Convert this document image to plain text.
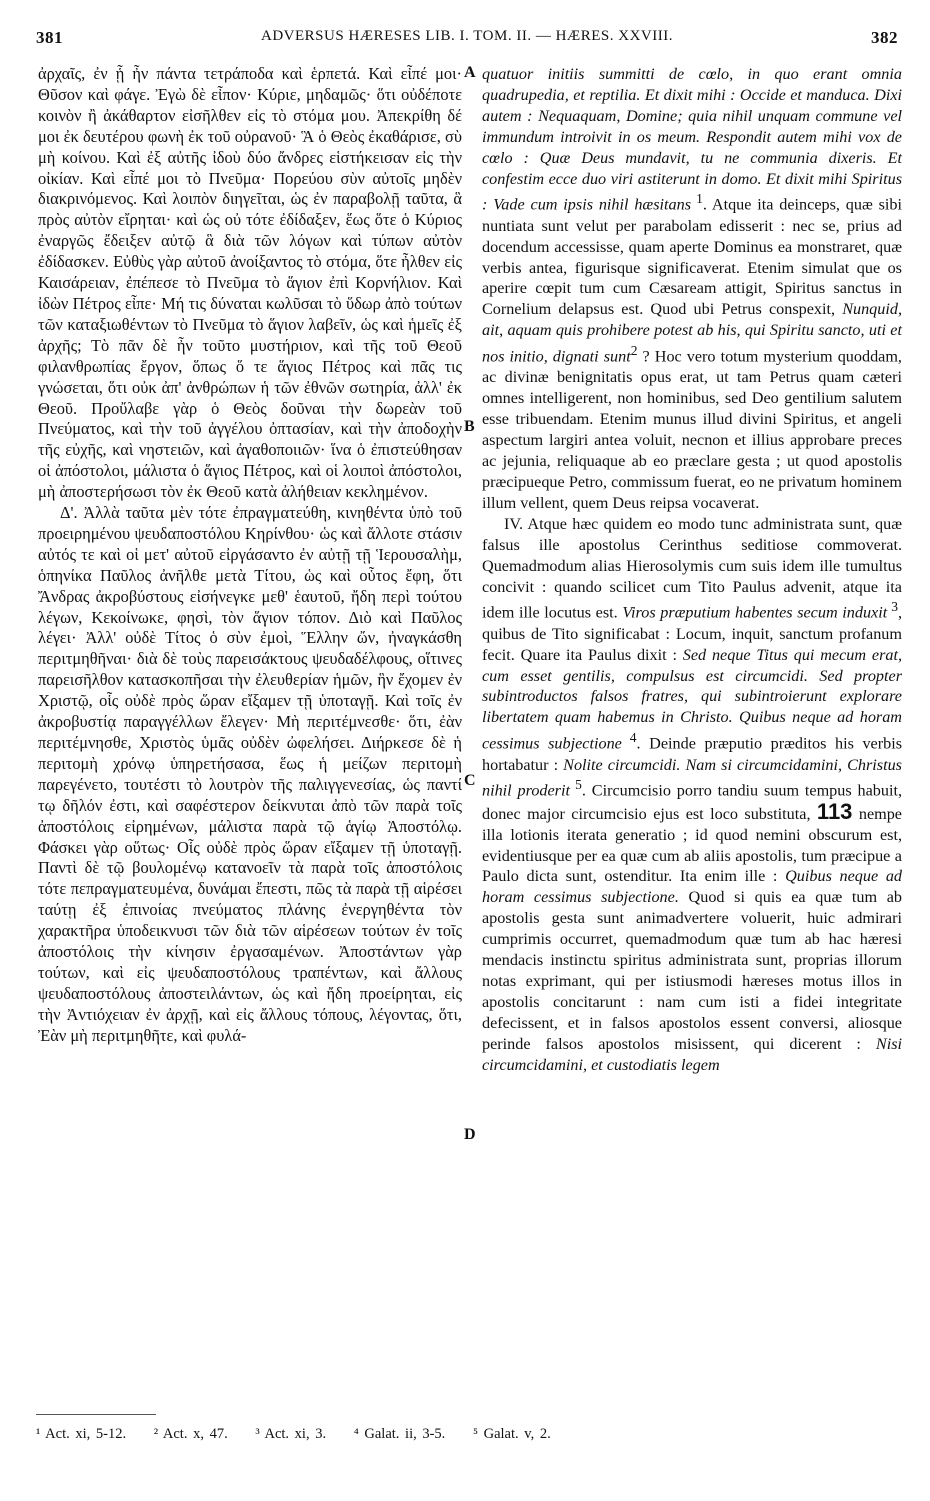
381	ADVERSUS HÆRESES LIB. I. TOM. II. — HÆRES. XXVIII.	382

ἀρχαῖς, ἐν ᾗ ἦν πάντα τετράποδα καὶ ἑρπετά. Καὶ εἶπέ μοι· Θῦσον καὶ φάγε. Ἐγὼ δὲ εἶπον· Κύριε, μηδαμῶς· ὅτι οὐδέποτε κοινὸν ἢ ἀκάθαρτον εἰσῆλθεν εἰς τὸ στόμα μου. Ἀπεκρίθη δέ μοι ἐκ δευτέρου φωνὴ ἐκ τοῦ οὐρανοῦ· Ἃ ὁ Θεὸς ἐκαθάρισε, σὺ μὴ κοίνου. Καὶ ἐξ αὐτῆς ἰδοὺ δύο ἄνδρες εἱστήκεισαν εἰς τὴν οἰκίαν. Καὶ εἶπέ μοι τὸ Πνεῦμα· Πορεύου σὺν αὐτοῖς μηδὲν διακρινόμενος. Καὶ λοιπὸν διηγεῖται, ὡς ἐν παραβολῇ ταῦτα, ἃ πρὸς αὐτὸν εἴρηται· καὶ ὡς οὐ τότε ἐδίδαξεν, ἕως ὅτε ὁ Κύριος ἐναργῶς ἔδειξεν αὐτῷ ἃ διὰ τῶν λόγων καὶ τύπων αὐτὸν ἐδίδασκεν. Εὐθὺς γὰρ αὐτοῦ ἀνοίξαντος τὸ στόμα, ὅτε ἦλθεν εἰς Καισάρειαν, ἐπέπεσε τὸ Πνεῦμα τὸ ἅγιον ἐπὶ Κορνήλιον. Καὶ ἰδὼν Πέτρος εἶπε· Μή τις δύναται κωλῦσαι τὸ ὕδωρ ἀπὸ τούτων τῶν καταξιωθέντων τὸ Πνεῦμα τὸ ἅγιον λαβεῖν, ὡς καὶ ἡμεῖς ἐξ ἀρχῆς; Τὸ πᾶν δὲ ἦν τοῦτο μυστήριον, καὶ τῆς τοῦ Θεοῦ φιλανθρωπίας ἔργον, ὅπως ὅ τε ἅγιος Πέτρος καὶ πᾶς τις γνώσεται, ὅτι οὐκ ἀπ' ἀνθρώπων ἡ τῶν ἐθνῶν σωτηρία, ἀλλ' ἐκ Θεοῦ. Προὔλαβε γὰρ ὁ Θεὸς δοῦναι τὴν δωρεὰν τοῦ Πνεύματος, καὶ τὴν τοῦ ἀγγέλου ὀπτασίαν, καὶ τὴν ἀποδοχὴν τῆς εὐχῆς, καὶ νηστειῶν, καὶ ἀγαθοποιιῶν· ἵνα ὁ ἐπιστεύθησαν οἱ ἀπόστολοι, μάλιστα ὁ ἅγιος Πέτρος, καὶ οἱ λοιποὶ ἀπόστολοι, μὴ ἀποστερήσωσι τὸν ἐκ Θεοῦ κατὰ ἀλήθειαν κεκλημένον.

Δ'. Ἀλλὰ ταῦτα μὲν τότε ἐπραγματεύθη, κινηθέντα ὑπὸ τοῦ προειρημένου ψευδαποστόλου Κηρίνθου· ὡς καὶ ἄλλοτε στάσιν αὐτός τε καὶ οἱ μετ' αὐτοῦ εἰργάσαντο ἐν αὐτῇ τῇ Ἱερουσαλὴμ, ὁπηνίκα Παῦλος ἀνῆλθε μετὰ Τίτου, ὡς καὶ οὗτος ἔφη, ὅτι Ἄνδρας ἀκροβύστους εἰσήνεγκε μεθ' ἑαυτοῦ, ἤδη περὶ τούτου λέγων, Κεκοίνωκε, φησὶ, τὸν ἅγιον τόπον. Διὸ καὶ Παῦλος λέγει· Ἀλλ' οὐδὲ Τίτος ὁ σὺν ἐμοὶ, Ἕλλην ὤν, ἠναγκάσθη περιτμηθῆναι· διὰ δὲ τοὺς παρεισάκτους ψευδαδέλφους, οἵτινες παρεισῆλθον κατασκοπῆσαι τὴν ἐλευθερίαν ἡμῶν, ἣν ἔχομεν ἐν Χριστῷ, οἷς οὐδὲ πρὸς ὥραν εἴξαμεν τῇ ὑποταγῇ. Καὶ τοῖς ἐν ἀκροβυστίᾳ παραγγέλλων ἔλεγεν· Μὴ περιτέμνεσθε· ὅτι, ἐὰν περιτέμνησθε, Χριστὸς ὑμᾶς οὐδὲν ὠφελήσει. Διήρκεσε δὲ ἡ περιτομὴ χρόνῳ ὑπηρετήσασα, ἕως ἡ μείζων περιτομὴ παρεγένετο, τουτέστι τὸ λουτρὸν τῆς παλιγγενεσίας, ὡς παντί τῳ δῆλόν ἐστι, καὶ σαφέστερον δείκνυται ἀπὸ τῶν παρὰ τοῖς ἀποστόλοις εἰρημένων, μάλιστα παρὰ τῷ ἁγίῳ Ἀποστόλῳ. Φάσκει γὰρ οὕτως· Οἷς οὐδὲ πρὸς ὥραν εἴξαμεν τῇ ὑποταγῇ. Παντὶ δὲ τῷ βουλομένῳ κατανοεῖν τὰ παρὰ τοῖς ἀποστόλοις τότε πεπραγματευμένα, δυνάμαι ἔπεστι, πῶς τὰ παρὰ τῇ αἱρέσει ταύτῃ ἐξ ἐπινοίας πνεύματος πλάνης ἐνεργηθέντα τὸν χαρακτῆρα ὑποδεικνυσι τῶν διὰ τῶν αἱρέσεων τούτων ἐν τοῖς ἀποστόλοις τὴν κίνησιν ἐργασαμένων. Ἀποστάντων γὰρ τούτων, καὶ εἰς ψευδαποστόλους τραπέντων, καὶ ἄλλους ψευδαποστόλους ἀποστειλάντων, ὡς καὶ ἤδη προείρηται, εἰς τὴν Ἀντιόχειαν ἐν ἀρχῇ, καὶ εἰς ἄλλους τόπους, λέγοντας, ὅτι, Ἐὰν μὴ περιτμηθῆτε, καὶ φυλά-

A
B
C
D

quatuor initiis summitti de cœlo, in quo erant omnia quadrupedia, et reptilia. Et dixit mihi : Occide et manduca. Dixi autem : Nequaquam, Domine; quia nihil unquam commune vel immundum introivit in os meum. Respondit autem mihi vox de cœlo : Quæ Deus mundavit, tu ne communia dixeris. Et confestim ecce duo viri astiterunt in domo. Et dixit mihi Spiritus : Vade cum ipsis nihil hæsitans $^1$. Atque ita deinceps, quæ sibi nuntiata sunt velut per parabolam edisserit : nec se, prius ad docendum accessisse, quam aperte Dominus ea monstraret, quæ verbis antea, figurisque significaverat. Etenim simulat que os aperire cœpit tum cum Cæsaream attigit, Spiritus sanctus in Cornelium delapsus est. Quod ubi Petrus conspexit, Nunquid, ait, aquam quis prohibere potest ab his, qui Spiritu sancto, uti et nos initio, dignati sunt$^2$ ? Hoc vero totum mysterium quoddam, ac divinæ benignitatis opus erat, ut tam Petrus quam cæteri omnes intelligerent, non hominibus, sed Deo gentilium salutem esse tribuendam. Etenim munus illud divini Spiritus, et angeli aspectum largiri antea voluit, necnon et illius approbare preces ac jejunia, reliquaque ab eo præclare gesta ; ut quod apostolis præcipueque Petro, commissum fuerat, eo ne privatum hominem illum vellent, quem Deus reipsa vocaverat.

IV. Atque hæc quidem eo modo tunc administrata sunt, quæ falsus ille apostolus Cerinthus seditiose commoverat. Quemadmodum alias Hierosolymis cum suis idem ille tumultus concivit : quando scilicet cum Tito Paulus advenit, atque ita idem ille locutus est. Viros præputium habentes secum induxit $^3$, quibus de Tito significabat : Locum, inquit, sanctum profanum fecit. Quare ita Paulus dixit : Sed neque Titus qui mecum erat, cum esset gentilis, compulsus est circumcidi. Sed propter subintroductos falsos fratres, qui subintroierunt explorare libertatem quam habemus in Christo. Quibus neque ad horam cessimus subjectione $^4$. Deinde præputio præditos his verbis hortabatur : Nolite circumcidi. Nam si circumcidamini, Christus nihil proderit $^5$. Circumcisio porro tandiu suum tempus habuit, donec major circumcisio ejus est loco substituta, 113 nempe illa lotionis iterata generatio ; id quod nemini obscurum est, evidentiusque per ea quæ cum ab aliis apostolis, tum præcipue a Paulo dicta sunt, ostenditur. Ita enim ille : Quibus neque ad horam cessimus subjectione. Quod si quis ea quæ tum ab apostolis gesta sunt animadvertere voluerit, huic admirari cumprimis occurret, quemadmodum quæ tum ab hac hæresi mendacis instinctu spiritus administrata sunt, proprias illorum notas exprimant, qui per istiusmodi hæreses motus illos in apostolis concitarunt : nam cum isti a fidei integritate defecissent, et in falsos apostolos essent conversi, aliosque perinde falsos apostolos misissent, qui dicerent : Nisi circumcidamini, et custodiatis legem

¹ Act. xi, 5-12. ² Act. x, 47. ³ Act. xi, 3. ⁴ Galat. ii, 3-5. ⁵ Galat. v, 2.
